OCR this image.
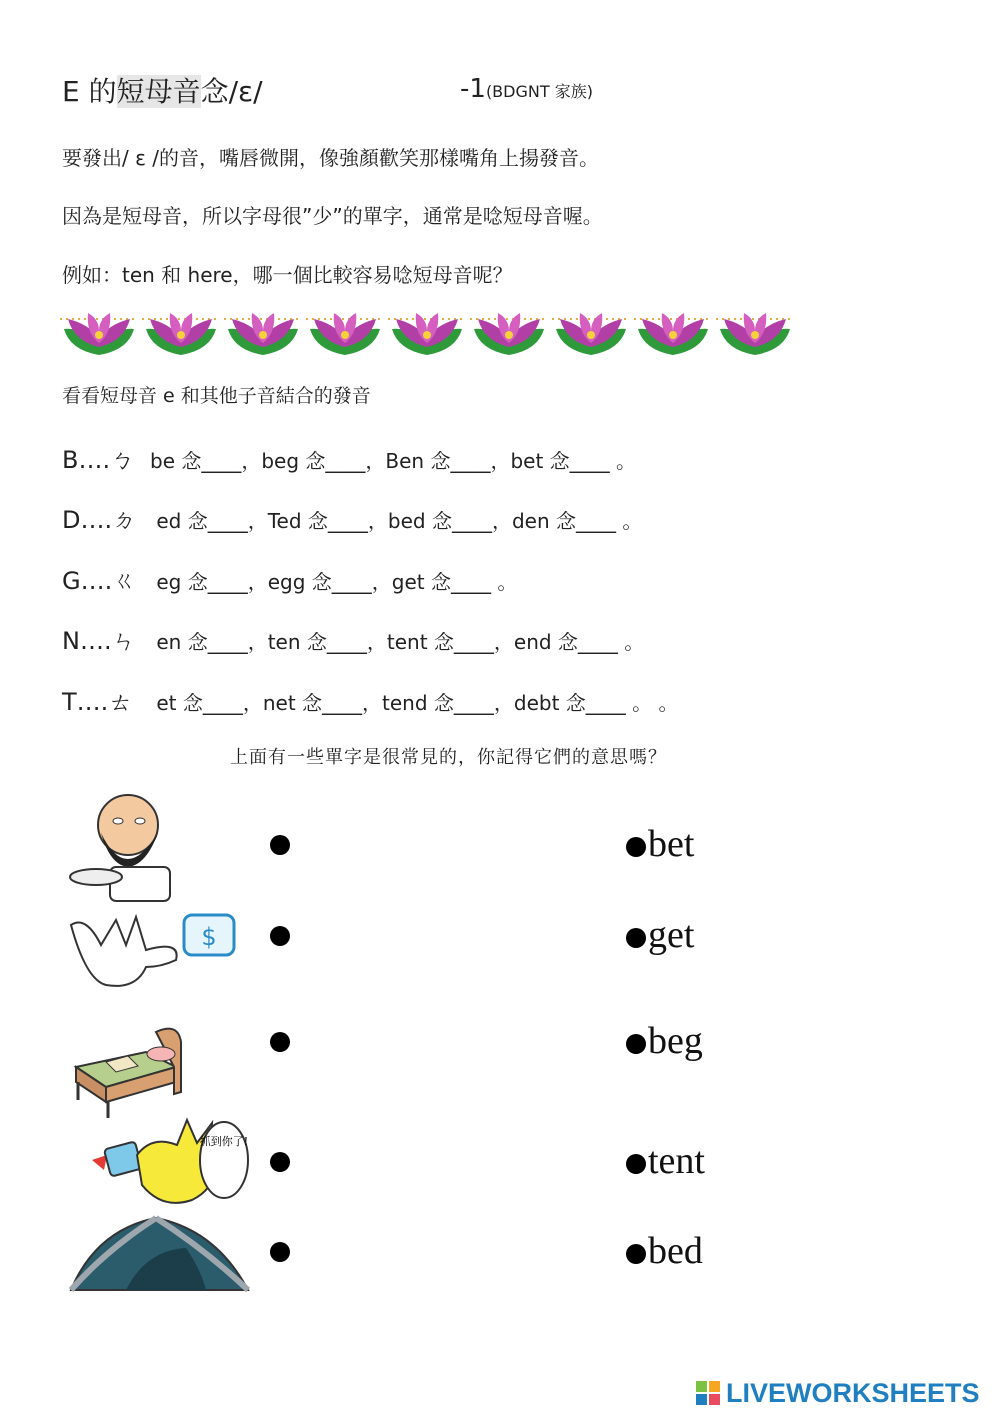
E 的短母音念/ɛ/	-1(BDGNT 家族)
要發出/ ε /的音，嘴唇微開，像強顏歡笑那樣嘴角上揚發音。
因為是短母音，所以字母很”少”的單字，通常是唸短母音喔。
例如：ten 和 here，哪一個比較容易唸短母音呢？
看看短母音 e 和其他子音結合的發音
B….ㄅ be 念____，beg 念____，Ben 念____，bet 念____ 。
D….ㄉ ed 念____，Ted 念____，bed 念____，den 念____ 。
G….ㄍ eg 念____，egg 念____，get 念____ 。
N….ㄣ en 念____，ten 念____，tent 念____，end 念____ 。
T….ㄊ et 念____，net 念____，tend 念____，debt 念____ 。 。
上面有一些單字是很常見的，你記得它們的意思嗎？
$
抓到你了!
bet
get
beg
tent
bed
LIVEWORKSHEETS
